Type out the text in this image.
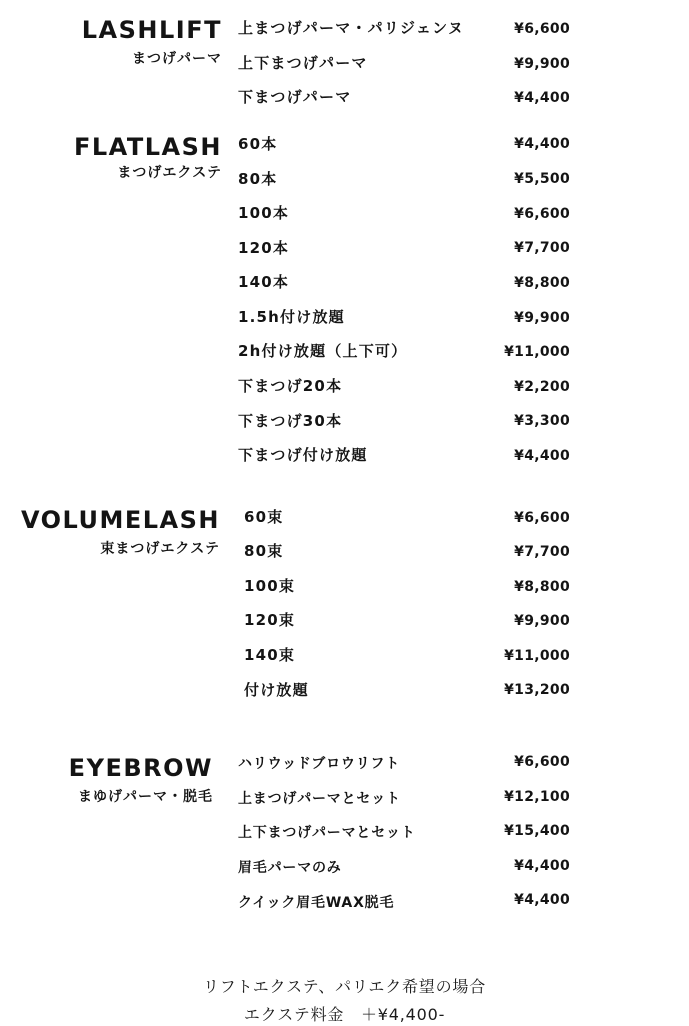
LASHLIFT
まつげパーマ
上まつげパーマ・パリジェンヌ	¥6,600
上下まつげパーマ	¥9,900
下まつげパーマ	¥4,400
FLATLASH
まつげエクステ
60本	¥4,400
80本	¥5,500
100本	¥6,600
120本	¥7,700
140本	¥8,800
1.5h付け放題	¥9,900
2h付け放題（上下可）	¥11,000
下まつげ20本	¥2,200
下まつげ30本	¥3,300
下まつげ付け放題	¥4,400
VOLUMELASH
束まつげエクステ
60束	¥6,600
80束	¥7,700
100束	¥8,800
120束	¥9,900
140束	¥11,000
付け放題	¥13,200
EYEBROW
まゆげパーマ・脱毛
ハリウッドブロウリフト	¥6,600
上まつげパーマとセット	¥12,100
上下まつげパーマとセット	¥15,400
眉毛パーマのみ	¥4,400
クイック眉毛WAX脱毛	¥4,400
リフトエクステ、パリエク希望の場合
エクステ料金　＋¥4,400-
